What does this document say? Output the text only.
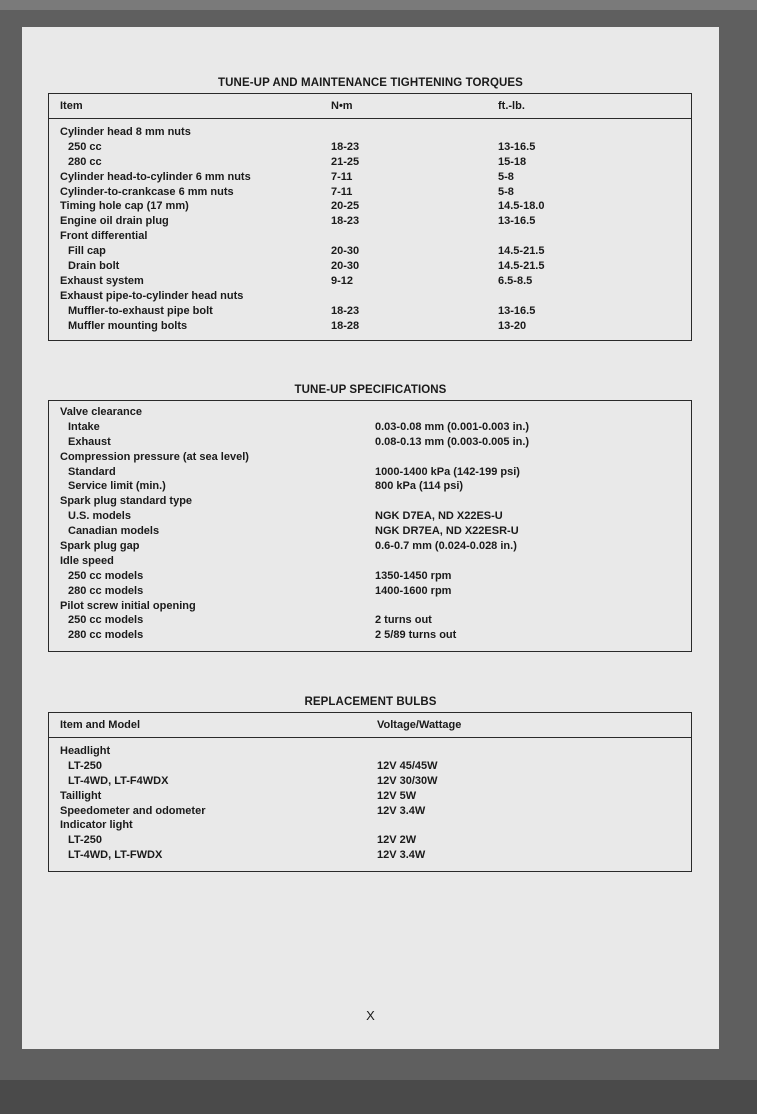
TUNE-UP AND MAINTENANCE TIGHTENING TORQUES
Item	N•m	ft.-lb.
Cylinder head 8 mm nuts
250 cc	18-23	13-16.5
280 cc	21-25	15-18
Cylinder head-to-cylinder 6 mm nuts	7-11	5-8
Cylinder-to-crankcase 6 mm nuts	7-11	5-8
Timing hole cap (17 mm)	20-25	14.5-18.0
Engine oil drain plug	18-23	13-16.5
Front differential
Fill cap	20-30	14.5-21.5
Drain bolt	20-30	14.5-21.5
Exhaust system	9-12	6.5-8.5
Exhaust pipe-to-cylinder head nuts
Muffler-to-exhaust pipe bolt	18-23	13-16.5
Muffler mounting bolts	18-28	13-20
TUNE-UP SPECIFICATIONS
Valve clearance
Intake	0.03-0.08 mm (0.001-0.003 in.)
Exhaust	0.08-0.13 mm (0.003-0.005 in.)
Compression pressure (at sea level)
Standard	1000-1400 kPa (142-199 psi)
Service limit (min.)	800 kPa (114 psi)
Spark plug standard type
U.S. models	NGK D7EA, ND X22ES-U
Canadian models	NGK DR7EA, ND X22ESR-U
Spark plug gap	0.6-0.7 mm (0.024-0.028 in.)
Idle speed
250 cc models	1350-1450 rpm
280 cc models	1400-1600 rpm
Pilot screw initial opening
250 cc models	2 turns out
280 cc models	2 5/89 turns out
REPLACEMENT BULBS
Item and Model	Voltage/Wattage
Headlight
LT-250	12V 45/45W
LT-4WD, LT-F4WDX	12V 30/30W
Taillight	12V 5W
Speedometer and odometer	12V 3.4W
Indicator light
LT-250	12V 2W
LT-4WD, LT-FWDX	12V 3.4W
X
